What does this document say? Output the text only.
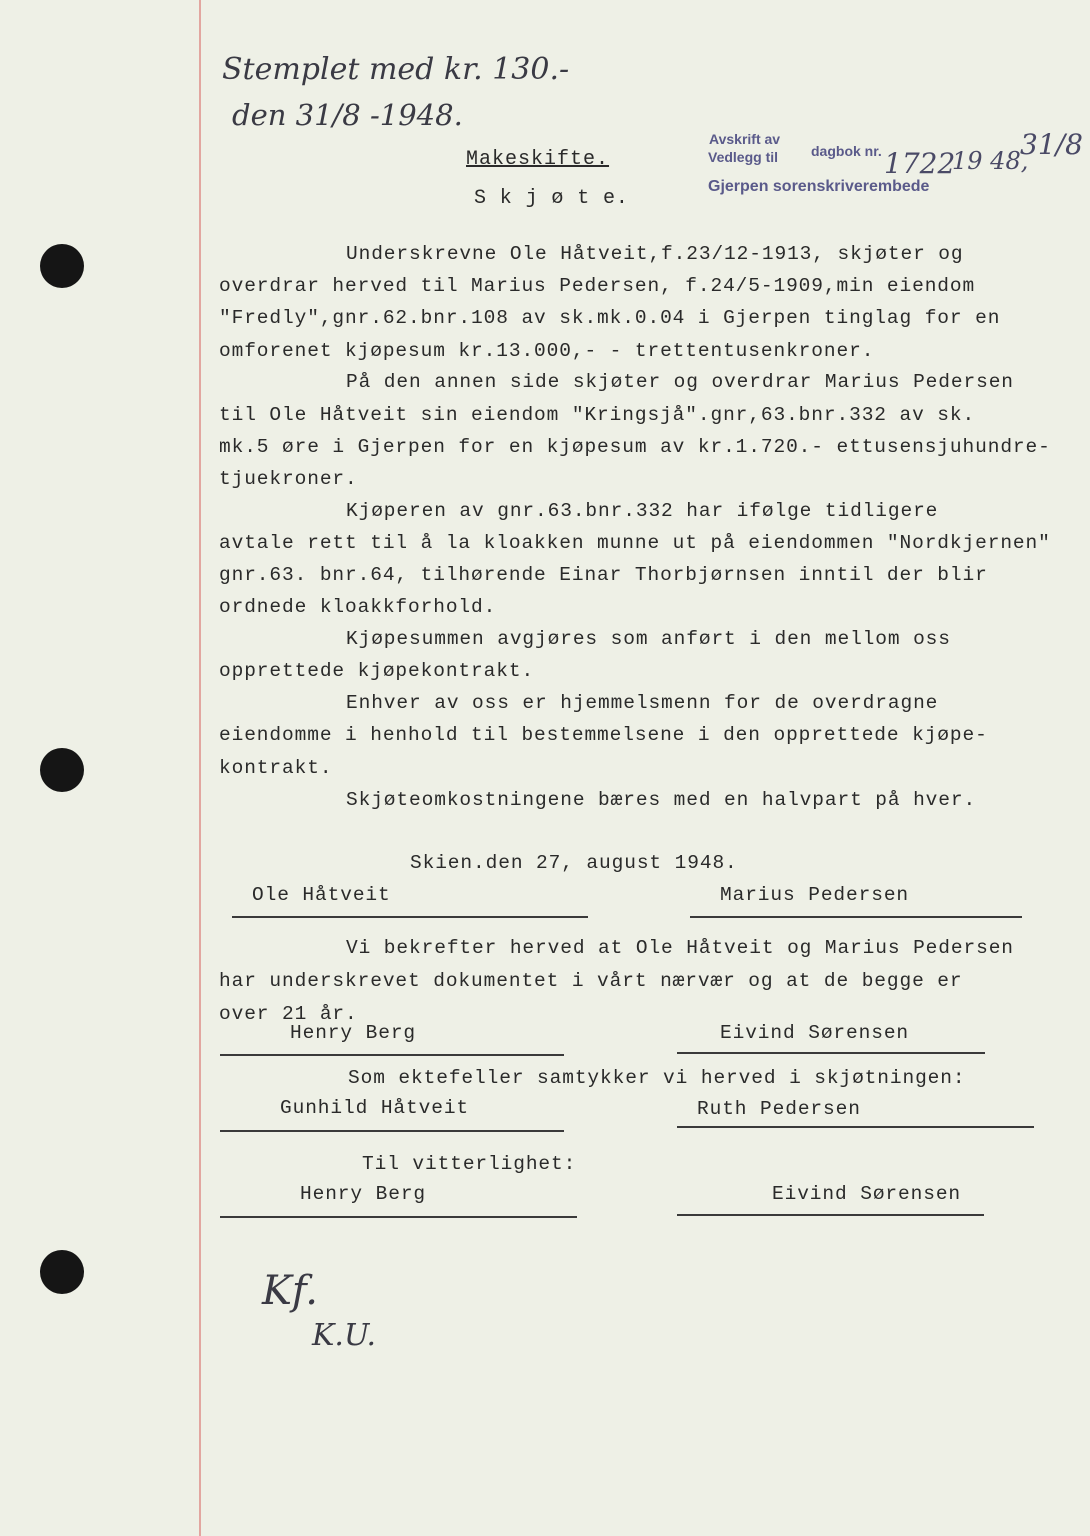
Stemplet med kr. 130.-
den 31/8 -1948.
Avskrift av
Vedlegg til dagbok nr. 1722
19 48,
31/8
Gjerpen sorenskriverembede
Makeskifte.
S k j ø t e.
Underskrevne Ole Håtveit,f.23/12-1913, skjøter og
overdrar herved til Marius Pedersen, f.24/5-1909,min eiendom
"Fredly",gnr.62.bnr.108 av sk.mk.0.04 i Gjerpen tinglag for en
omforenet kjøpesum kr.13.000,- - trettentusenkroner.
På den annen side skjøter og overdrar Marius Pedersen
til Ole Håtveit sin eiendom "Kringsjå".gnr,63.bnr.332 av sk.
mk.5 øre i Gjerpen for en kjøpesum av kr.1.720.- ettusensjuhundre-
tjuekroner.
Kjøperen av gnr.63.bnr.332 har ifølge tidligere
avtale rett til å la kloakken munne ut på eiendommen "Nordkjernen"
gnr.63. bnr.64, tilhørende Einar Thorbjørnsen inntil der blir
ordnede kloakkforhold.
Kjøpesummen avgjøres som anført i den mellom oss
opprettede kjøpekontrakt.
Enhver av oss er hjemmelsmenn for de overdragne
eiendomme i henhold til bestemmelsene i den opprettede kjøpe-
kontrakt.
Skjøteomkostningene bæres med en halvpart på hver.
Skien.den 27, august 1948.
Ole Håtveit	Marius Pedersen
Vi bekrefter herved at Ole Håtveit og Marius Pedersen
har underskrevet dokumentet i vårt nærvær og at de begge er
over 21 år.
Henry Berg	Eivind Sørensen
Som ektefeller samtykker vi herved i skjøtningen:
Gunhild Håtveit	Ruth Pedersen
Til vitterlighet:
Henry Berg	Eivind Sørensen
Kf.
K.U.
